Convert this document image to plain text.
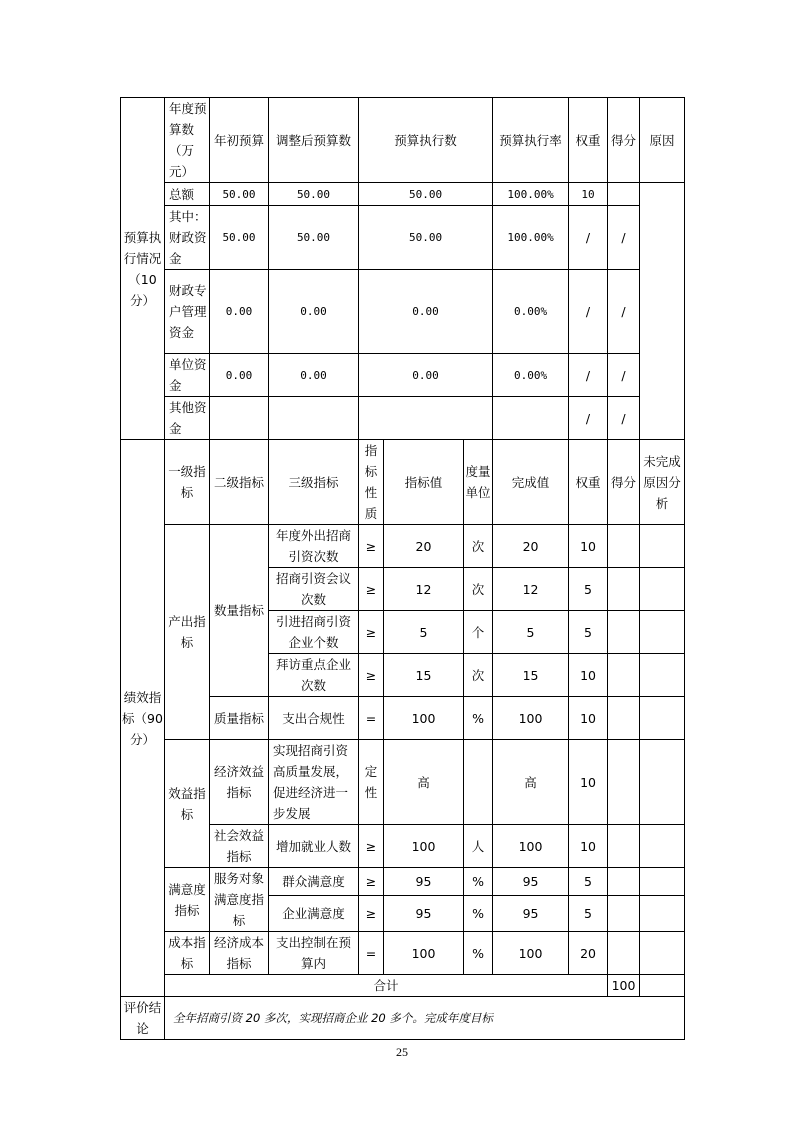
预算执行情况（10分）	年度预算数（万元）	年初预算	调整后预算数	预算执行数			预算执行率	权重	得分	原因	
	总额	50.00	50.00	50.00			100.00%	10			
	其中：财政资金	50.00	50.00	50.00			100.00%	/	/		
	财政专户管理资金	0.00	0.00	0.00			0.00%	/	/		
	单位资金	0.00	0.00	0.00			0.00%	/	/		
	其他资金							/	/		
绩效指标（90分）	一级指标	二级指标	三级指标	指标性质	指标值	度量单位	完成值	权重	得分	未完成原因分析	
	产出指标	数量指标	年度外出招商引资次数	≥	20	次	20	10			
			招商引资会议次数	≥	12	次	12	5			
			引进招商引资企业个数	≥	5	个	5	5			
			拜访重点企业次数	≥	15	次	15	10			
		质量指标	支出合规性	=	100	%	100	10			
	效益指标	经济效益指标	实现招商引资高质量发展，促进经济进一步发展	定性	高		高	10			
		社会效益指标	增加就业人数	≥	100	人	100	10			
	满意度指标	服务对象满意度指标	群众满意度	≥	95	%	95	5			
			企业满意度	≥	95	%	95	5			
	成本指标	经济成本指标	支出控制在预算内	=	100	%	100	20			
	合计								100		
评价结论	全年招商引资 20 多次，实现招商企业 20 多个。完成年度目标										
25
